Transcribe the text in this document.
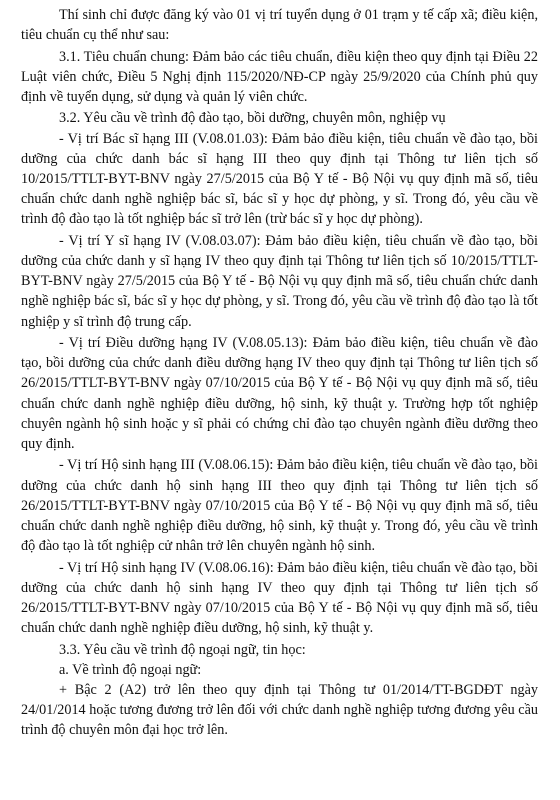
Thí sinh chỉ được đăng ký vào 01 vị trí tuyển dụng ở 01 trạm y tế cấp xã; điều kiện, tiêu chuẩn cụ thể như sau:

3.1. Tiêu chuẩn chung: Đảm bảo các tiêu chuẩn, điều kiện theo quy định tại Điều 22 Luật viên chức, Điều 5 Nghị định 115/2020/NĐ-CP ngày 25/9/2020 của Chính phủ quy định về tuyển dụng, sử dụng và quản lý viên chức.

3.2. Yêu cầu về trình độ đào tạo, bồi dưỡng, chuyên môn, nghiệp vụ

- Vị trí Bác sĩ hạng III (V.08.01.03): Đảm bảo điều kiện, tiêu chuẩn về đào tạo, bồi dưỡng của chức danh bác sĩ hạng III theo quy định tại Thông tư liên tịch số 10/2015/TTLT-BYT-BNV ngày 27/5/2015 của Bộ Y tế - Bộ Nội vụ quy định mã số, tiêu chuẩn chức danh nghề nghiệp bác sĩ, bác sĩ y học dự phòng, y sĩ. Trong đó, yêu cầu về trình độ đào tạo là tốt nghiệp bác sĩ trở lên (trừ bác sĩ y học dự phòng).

- Vị trí Y sĩ hạng IV (V.08.03.07): Đảm bảo điều kiện, tiêu chuẩn về đào tạo, bồi dưỡng của chức danh y sĩ hạng IV theo quy định tại Thông tư liên tịch số 10/2015/TTLT-BYT-BNV ngày 27/5/2015 của Bộ Y tế - Bộ Nội vụ quy định mã số, tiêu chuẩn chức danh nghề nghiệp bác sĩ, bác sĩ y học dự phòng, y sĩ. Trong đó, yêu cầu về trình độ đào tạo là tốt nghiệp y sĩ trình độ trung cấp.

- Vị trí Điều dưỡng hạng IV (V.08.05.13): Đảm bảo điều kiện, tiêu chuẩn về đào tạo, bồi dưỡng của chức danh điều dưỡng hạng IV theo quy định tại Thông tư liên tịch số 26/2015/TTLT-BYT-BNV ngày 07/10/2015 của Bộ Y tế - Bộ Nội vụ quy định mã số, tiêu chuẩn chức danh nghề nghiệp điều dưỡng, hộ sinh, kỹ thuật y. Trường hợp tốt nghiệp chuyên ngành hộ sinh hoặc y sĩ phải có chứng chỉ đào tạo chuyên ngành điều dưỡng theo quy định.

- Vị trí Hộ sinh hạng III (V.08.06.15): Đảm bảo điều kiện, tiêu chuẩn về đào tạo, bồi dưỡng của chức danh hộ sinh hạng III theo quy định tại Thông tư liên tịch số 26/2015/TTLT-BYT-BNV ngày 07/10/2015 của Bộ Y tế - Bộ Nội vụ quy định mã số, tiêu chuẩn chức danh nghề nghiệp điều dưỡng, hộ sinh, kỹ thuật y. Trong đó, yêu cầu về trình độ đào tạo là tốt nghiệp cử nhân trở lên chuyên ngành hộ sinh.

- Vị trí Hộ sinh hạng IV (V.08.06.16): Đảm bảo điều kiện, tiêu chuẩn về đào tạo, bồi dưỡng của chức danh hộ sinh hạng IV theo quy định tại Thông tư liên tịch số 26/2015/TTLT-BYT-BNV ngày 07/10/2015 của Bộ Y tế - Bộ Nội vụ quy định mã số, tiêu chuẩn chức danh nghề nghiệp điều dưỡng, hộ sinh, kỹ thuật y.

3.3. Yêu cầu về trình độ ngoại ngữ, tin học:

a. Về trình độ ngoại ngữ:

+ Bậc 2 (A2) trở lên theo quy định tại Thông tư 01/2014/TT-BGDĐT ngày 24/01/2014 hoặc tương đương trở lên đối với chức danh nghề nghiệp tương đương yêu cầu trình độ chuyên môn đại học trở lên.
